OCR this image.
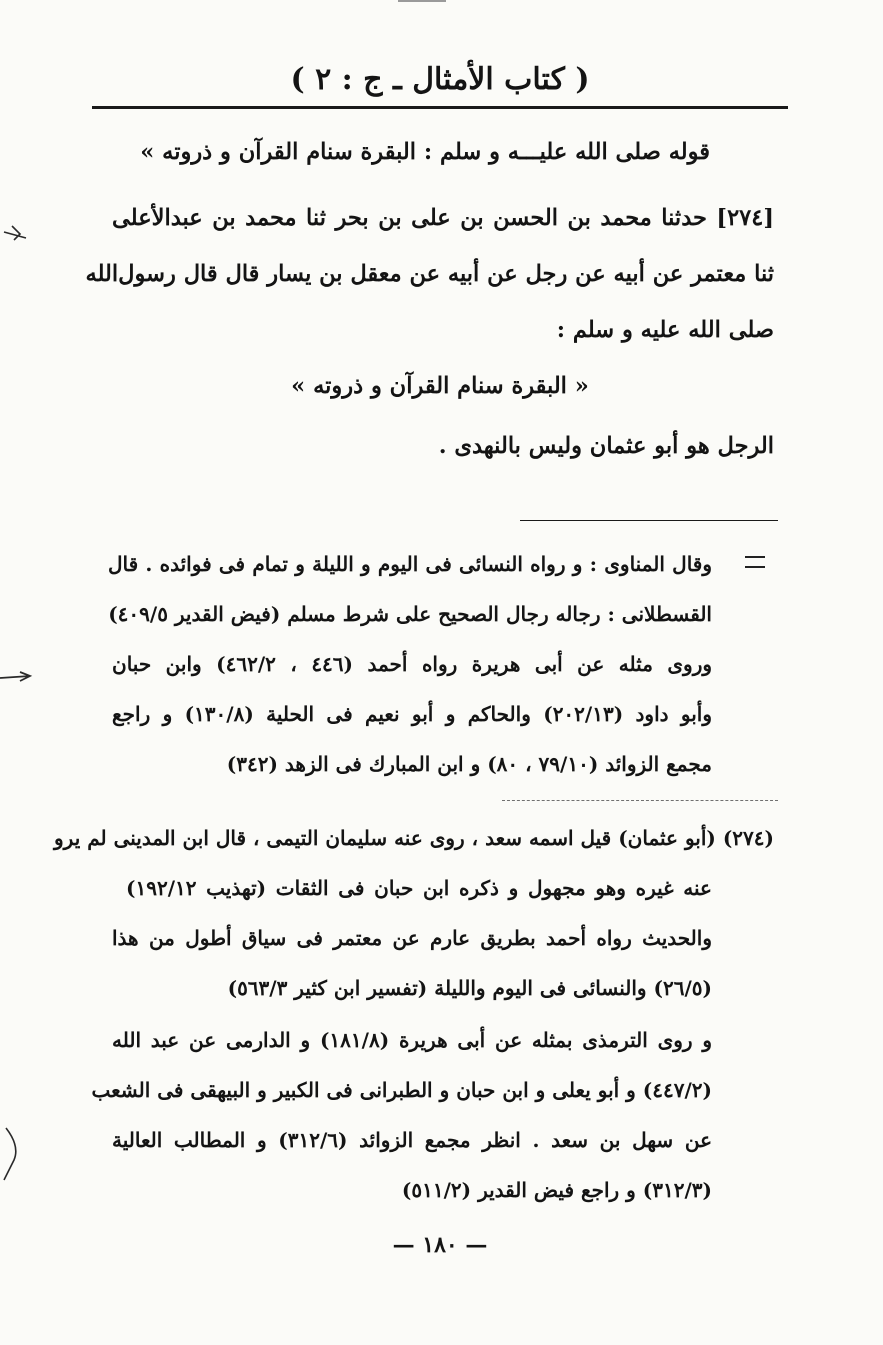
( كتاب الأمثال ـ ج : ٢ )
قوله صلى الله عليـــه و سلم : البقرة سنام القرآن و ذروته »
[٢٧٤] حدثنا محمد بن الحسن بن على بن بحر ثنا محمد بن عبدالأعلى
ثنا معتمر عن أبيه عن رجل عن أبيه عن معقل بن يسار قال قال رسول‌الله
صلى الله عليه و سلم :
« البقرة سنام القرآن و ذروته »
الرجل هو أبو عثمان وليس بالنهدى .
وقال المناوى : و رواه النسائى فى اليوم و الليلة و تمام فى فوائده . قال
القسطلانى : رجاله رجال الصحيح على شرط مسلم (فيض القدير ٤٠٩/٥)
وروى مثله عن أبى هريرة رواه أحمد (٤٤٦ ، ٤٦٢/٢) وابن حبان
وأبو داود (٢٠٢/١٣) والحاكم و أبو نعيم فى الحلية (١٣٠/٨) و راجع
مجمع الزوائد (٧٩/١٠ ، ٨٠) و ابن المبارك فى الزهد (٣٤٢)
(٢٧٤) (أبو عثمان) قيل اسمه سعد ، روى عنه سليمان التيمى ، قال ابن المدينى لم يرو
عنه غيره وهو مجهول و ذكره ابن حبان فى الثقات (تهذيب ١٩٢/١٢)
والحديث رواه أحمد بطريق عارم عن معتمر فى سياق أطول من هذا
(٢٦/٥) والنسائى فى اليوم والليلة (تفسير ابن كثير ٥٦٣/٣)
و روى الترمذى بمثله عن أبى هريرة (١٨١/٨) و الدارمى عن عبد الله
(٤٤٧/٢) و أبو يعلى و ابن حبان و الطبرانى فى الكبير و البيهقى فى الشعب
عن سهل بن سعد . انظر مجمع الزوائد (٣١٢/٦) و المطالب العالية
(٣١٢/٣) و راجع فيض القدير (٥١١/٢)
— ١٨٠ —
